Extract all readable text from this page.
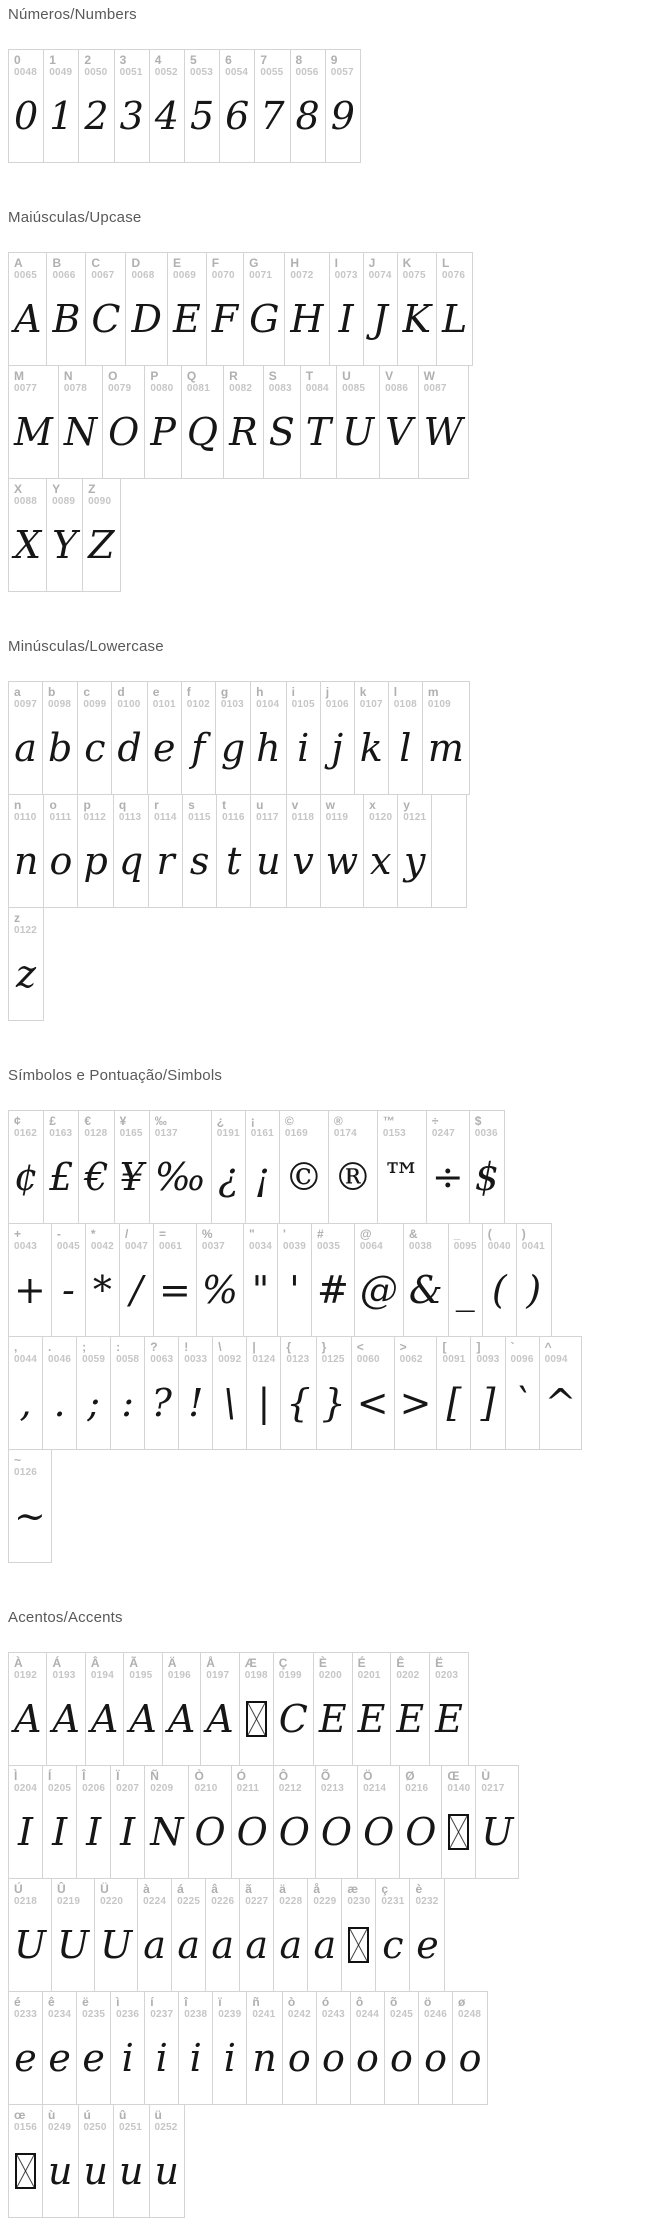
Números/Numbers
0
0048
0
1
0049
1
2
0050
2
3
0051
3
4
0052
4
5
0053
5
6
0054
6
7
0055
7
8
0056
8
9
0057
9
Maiúsculas/Upcase
A
0065
A
B
0066
B
C
0067
C
D
0068
D
E
0069
E
F
0070
F
G
0071
G
H
0072
H
I
0073
I
J
0074
J
K
0075
K
L
0076
L
M
0077
M
N
0078
N
O
0079
O
P
0080
P
Q
0081
Q
R
0082
R
S
0083
S
T
0084
T
U
0085
U
V
0086
V
W
0087
W
X
0088
X
Y
0089
Y
Z
0090
Z
Minúsculas/Lowercase
a
0097
a
b
0098
b
c
0099
c
d
0100
d
e
0101
e
f
0102
f
g
0103
g
h
0104
h
i
0105
i
j
0106
j
k
0107
k
l
0108
l
m
0109
m
n
0110
n
o
0111
o
p
0112
p
q
0113
q
r
0114
r
s
0115
s
t
0116
t
u
0117
u
v
0118
v
w
0119
w
x
0120
x
y
0121
y
z
0122
z
Símbolos e Pontuação/Simbols
¢
0162
¢
£
0163
£
€
0128
€
¥
0165
¥
‰
0137
‰
¿
0191
¿
¡
0161
¡
©
0169
©
®
0174
®
™
0153
™
÷
0247
÷
$
0036
$
+
0043
+
-
0045
-
*
0042
*
/
0047
/
=
0061
=
%
0037
%
"
0034
"
'
0039
'
#
0035
#
@
0064
@
&
0038
&
_
0095
_
(
0040
(
)
0041
)
,
0044
,
.
0046
.
;
0059
;
:
0058
:
?
0063
?
!
0033
!
\
0092
\
|
0124
|
{
0123
{
}
0125
}
<
0060
<
>
0062
>
[
0091
[
]
0093
]
`
0096
`
^
0094
^
~
0126
~
Acentos/Accents
À
0192
A
Á
0193
A
Â
0194
A
Ã
0195
A
Ä
0196
A
Å
0197
A
Æ
0198
Ç
0199
C
È
0200
E
É
0201
E
Ê
0202
E
Ë
0203
E
Ì
0204
I
Í
0205
I
Î
0206
I
Ï
0207
I
Ñ
0209
N
Ò
0210
O
Ó
0211
O
Ô
0212
O
Õ
0213
O
Ö
0214
O
Ø
0216
O
Œ
0140
Ù
0217
U
Ú
0218
U
Û
0219
U
Ü
0220
U
à
0224
a
á
0225
a
â
0226
a
ã
0227
a
ä
0228
a
å
0229
a
æ
0230
ç
0231
c
è
0232
e
é
0233
e
ê
0234
e
ë
0235
e
ì
0236
i
í
0237
i
î
0238
i
ï
0239
i
ñ
0241
n
ò
0242
o
ó
0243
o
ô
0244
o
õ
0245
o
ö
0246
o
ø
0248
o
œ
0156
ù
0249
u
ú
0250
u
û
0251
u
ü
0252
u
